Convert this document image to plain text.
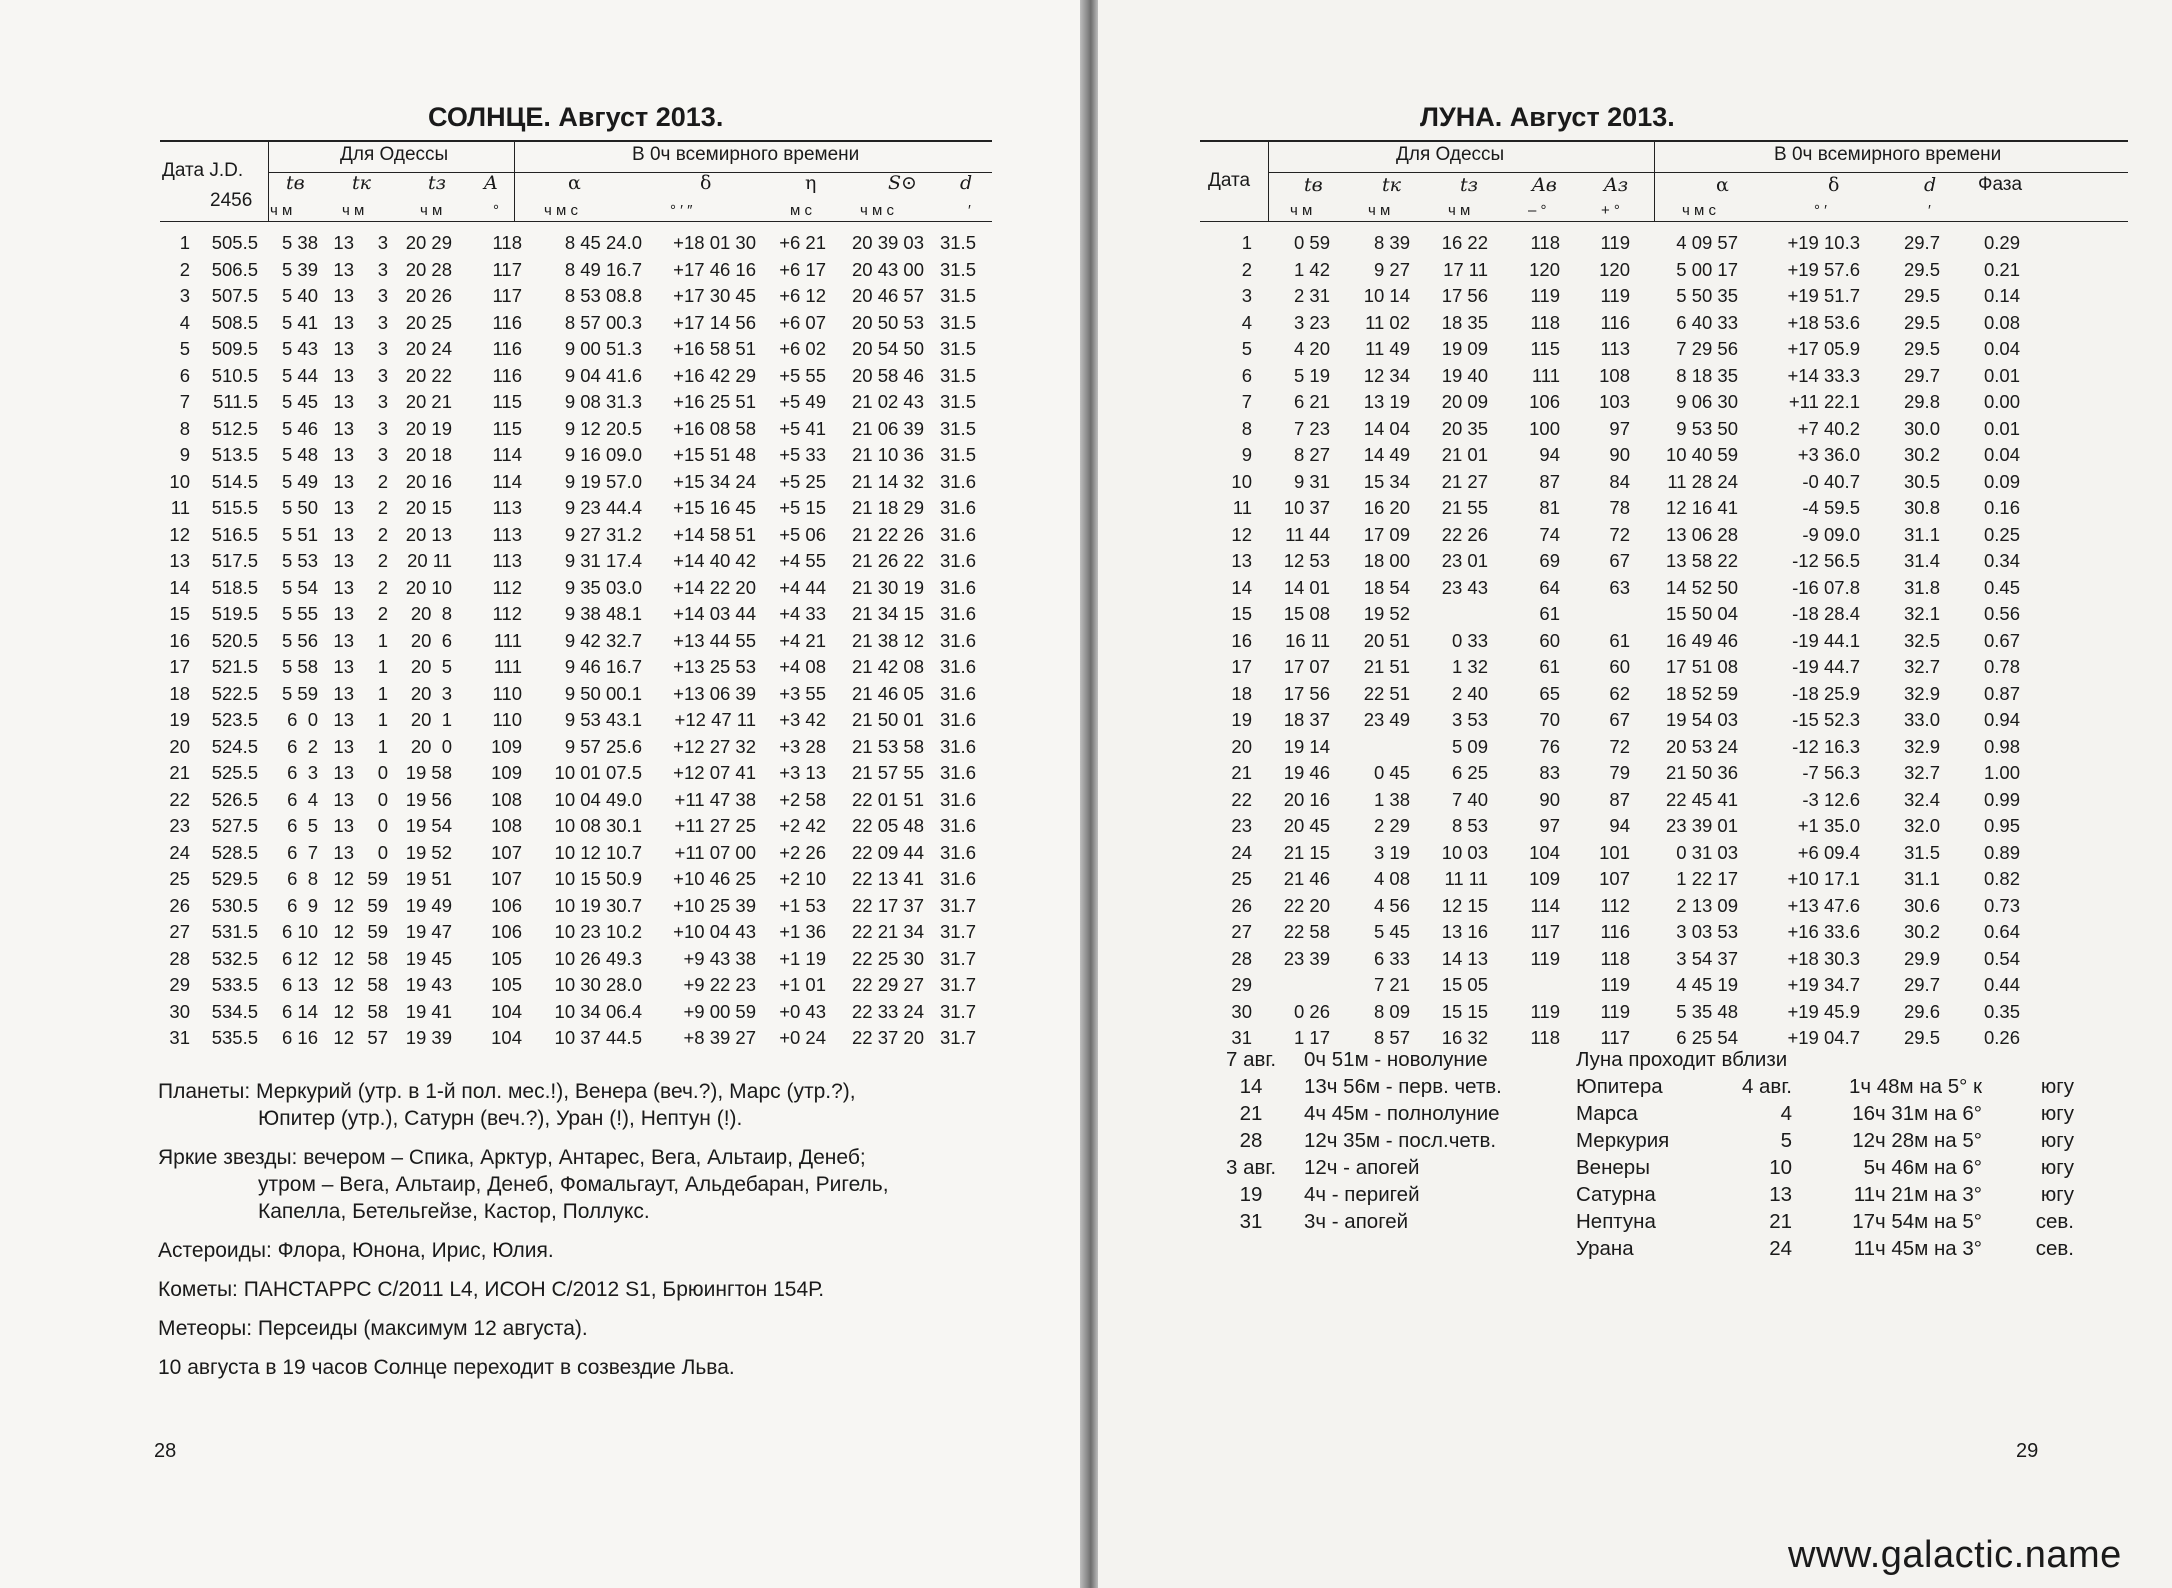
СОЛНЦЕ. Август 2013.
Дата J.D.
2456
Для Одессы	В 0ч всемирного времени
tв tк	tз A	α	δ	η	S⊙ d
ч м	ч м	ч м	°	ч м с	° ′ ″	м с	ч м с	′
1	505.5	5 38	13	3	20 29	118	8 45 24.0	+18 01 30	+6 21	20 39 03	31.5
2	506.5	5 39	13	3	20 28	117	8 49 16.7	+17 46 16	+6 17	20 43 00	31.5
3	507.5	5 40	13	3	20 26	117	8 53 08.8	+17 30 45	+6 12	20 46 57	31.5
4	508.5	5 41	13	3	20 25	116	8 57 00.3	+17 14 56	+6 07	20 50 53	31.5
5	509.5	5 43	13	3	20 24	116	9 00 51.3	+16 58 51	+6 02	20 54 50	31.5
6	510.5	5 44	13	3	20 22	116	9 04 41.6	+16 42 29	+5 55	20 58 46	31.5
7	511.5	5 45	13	3	20 21	115	9 08 31.3	+16 25 51	+5 49	21 02 43	31.5
8	512.5	5 46	13	3	20 19	115	9 12 20.5	+16 08 58	+5 41	21 06 39	31.5
9	513.5	5 48	13	3	20 18	114	9 16 09.0	+15 51 48	+5 33	21 10 36	31.5
10	514.5	5 49	13	2	20 16	114	9 19 57.0	+15 34 24	+5 25	21 14 32	31.6
11	515.5	5 50	13	2	20 15	113	9 23 44.4	+15 16 45	+5 15	21 18 29	31.6
12	516.5	5 51	13	2	20 13	113	9 27 31.2	+14 58 51	+5 06	21 22 26	31.6
13	517.5	5 53	13	2	20 11	113	9 31 17.4	+14 40 42	+4 55	21 26 22	31.6
14	518.5	5 54	13	2	20 10	112	9 35 03.0	+14 22 20	+4 44	21 30 19	31.6
15	519.5	5 55	13	2	20  8	112	9 38 48.1	+14 03 44	+4 33	21 34 15	31.6
16	520.5	5 56	13	1	20  6	111	9 42 32.7	+13 44 55	+4 21	21 38 12	31.6
17	521.5	5 58	13	1	20  5	111	9 46 16.7	+13 25 53	+4 08	21 42 08	31.6
18	522.5	5 59	13	1	20  3	110	9 50 00.1	+13 06 39	+3 55	21 46 05	31.6
19	523.5	6  0	13	1	20  1	110	9 53 43.1	+12 47 11	+3 42	21 50 01	31.6
20	524.5	6  2	13	1	20  0	109	9 57 25.6	+12 27 32	+3 28	21 53 58	31.6
21	525.5	6  3	13	0	19 58	109	10 01 07.5	+12 07 41	+3 13	21 57 55	31.6
22	526.5	6  4	13	0	19 56	108	10 04 49.0	+11 47 38	+2 58	22 01 51	31.6
23	527.5	6  5	13	0	19 54	108	10 08 30.1	+11 27 25	+2 42	22 05 48	31.6
24	528.5	6  7	13	0	19 52	107	10 12 10.7	+11 07 00	+2 26	22 09 44	31.6
25	529.5	6  8	12	59	19 51	107	10 15 50.9	+10 46 25	+2 10	22 13 41	31.6
26	530.5	6  9	12	59	19 49	106	10 19 30.7	+10 25 39	+1 53	22 17 37	31.7
27	531.5	6 10	12	59	19 47	106	10 23 10.2	+10 04 43	+1 36	22 21 34	31.7
28	532.5	6 12	12	58	19 45	105	10 26 49.3	+9 43 38	+1 19	22 25 30	31.7
29	533.5	6 13	12	58	19 43	105	10 30 28.0	+9 22 23	+1 01	22 29 27	31.7
30	534.5	6 14	12	58	19 41	104	10 34 06.4	+9 00 59	+0 43	22 33 24	31.7
31	535.5	6 16	12	57	19 39	104	10 37 44.5	+8 39 27	+0 24	22 37 20	31.7
Планеты: Меркурий (утр. в 1-й пол. мес.!), Венера (веч.?), Марс (утр.?),
Юпитер (утр.), Сатурн (веч.?), Уран (!), Нептун (!).
Яркие звезды: вечером – Спика, Арктур, Антарес, Вега, Альтаир, Денеб;
утром – Вега, Альтаир, Денеб, Фомальгаут, Альдебаран, Ригель,
Капелла, Бетельгейзе, Кастор, Поллукс.
Астероиды: Флора, Юнона, Ирис, Юлия.
Кометы: ПАНСТАРРС С/2011 L4, ИСОН С/2012 S1, Брюингтон 154Р.
Метеоры: Персеиды (максимум 12 августа).
10 августа в 19 часов Солнце переходит в созвездие Льва.
28
ЛУНА. Август 2013.
Дата
Для Одессы	В 0ч всемирного времени
tв	tк	tз	Aв Aз	α	δ	d Фаза
ч м	ч м	ч м	– °	+ °	ч м с	° ′	′
1	0 59	8 39	16 22	118	119	4 09 57	+19 10.3	29.7	0.29
2	1 42	9 27	17 11	120	120	5 00 17	+19 57.6	29.5	0.21
3	2 31	10 14	17 56	119	119	5 50 35	+19 51.7	29.5	0.14
4	3 23	11 02	18 35	118	116	6 40 33	+18 53.6	29.5	0.08
5	4 20	11 49	19 09	115	113	7 29 56	+17 05.9	29.5	0.04
6	5 19	12 34	19 40	111	108	8 18 35	+14 33.3	29.7	0.01
7	6 21	13 19	20 09	106	103	9 06 30	+11 22.1	29.8	0.00
8	7 23	14 04	20 35	100	97	9 53 50	+7 40.2	30.0	0.01
9	8 27	14 49	21 01	94	90	10 40 59	+3 36.0	30.2	0.04
10	9 31	15 34	21 27	87	84	11 28 24	-0 40.7	30.5	0.09
11	10 37	16 20	21 55	81	78	12 16 41	-4 59.5	30.8	0.16
12	11 44	17 09	22 26	74	72	13 06 28	-9 09.0	31.1	0.25
13	12 53	18 00	23 01	69	67	13 58 22	-12 56.5	31.4	0.34
14	14 01	18 54	23 43	64	63	14 52 50	-16 07.8	31.8	0.45
15	15 08	19 52		61		15 50 04	-18 28.4	32.1	0.56
16	16 11	20 51	0 33	60	61	16 49 46	-19 44.1	32.5	0.67
17	17 07	21 51	1 32	61	60	17 51 08	-19 44.7	32.7	0.78
18	17 56	22 51	2 40	65	62	18 52 59	-18 25.9	32.9	0.87
19	18 37	23 49	3 53	70	67	19 54 03	-15 52.3	33.0	0.94
20	19 14		5 09	76	72	20 53 24	-12 16.3	32.9	0.98
21	19 46	0 45	6 25	83	79	21 50 36	-7 56.3	32.7	1.00
22	20 16	1 38	7 40	90	87	22 45 41	-3 12.6	32.4	0.99
23	20 45	2 29	8 53	97	94	23 39 01	+1 35.0	32.0	0.95
24	21 15	3 19	10 03	104	101	0 31 03	+6 09.4	31.5	0.89
25	21 46	4 08	11 11	109	107	1 22 17	+10 17.1	31.1	0.82
26	22 20	4 56	12 15	114	112	2 13 09	+13 47.6	30.6	0.73
27	22 58	5 45	13 16	117	116	3 03 53	+16 33.6	30.2	0.64
28	23 39	6 33	14 13	119	118	3 54 37	+18 30.3	29.9	0.54
29		7 21	15 05		119	4 45 19	+19 34.7	29.7	0.44
30	0 26	8 09	15 15	119	119	5 35 48	+19 45.9	29.6	0.35
31	1 17	8 57	16 32	118	117	6 25 54	+19 04.7	29.5	0.26
7 авг.	0ч 51м - новолуние
14	13ч 56м - перв. четв.
21	4ч 45м - полнолуние
28	12ч 35м - посл.четв.

3 авг.	12ч - апогей
19	4ч - перигей
31	3ч - апогей
Луна проходит вблизи
Юпитера	4 авг.	1ч 48м на 5° к	югу
Марса	4	16ч 31м на 6°	югу
Меркурия	5	12ч 28м на 5°	югу
Венеры	10	5ч 46м на 6°	югу
Сатурна	13	11ч 21м на 3°	югу
Нептуна	21	17ч 54м на 5°	сев.
Урана	24	11ч 45м на 3°	сев.
29
www.galactic.name
